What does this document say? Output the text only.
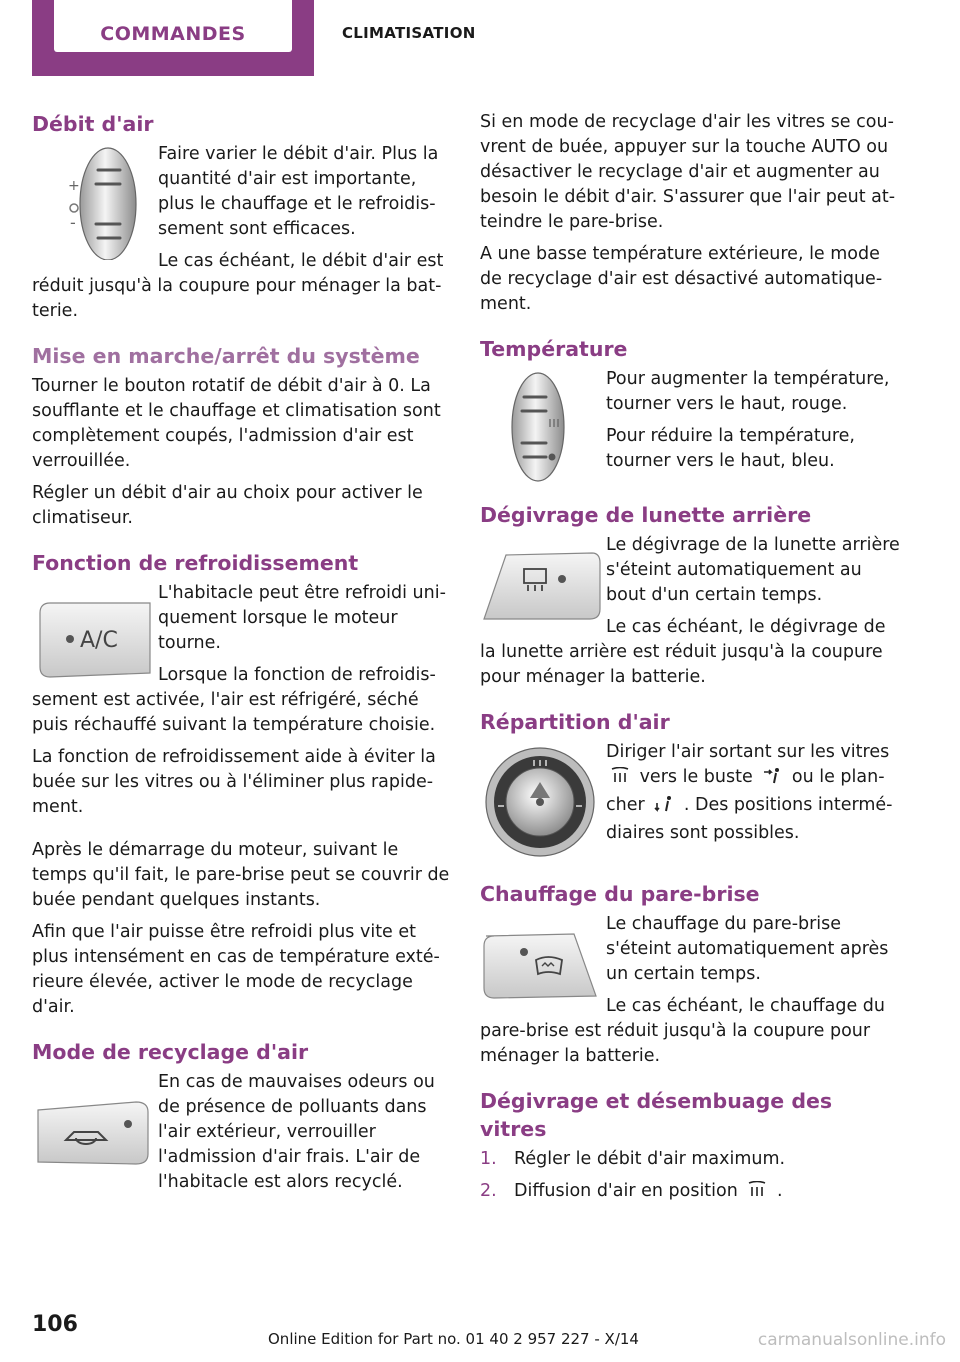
COMMANDES	CLIMATISATION
Débit d'air
+
-

Faire varier le débit d'air. Plus la quantité d'air est importante, plus le chauffage et le refroidissement sont efficaces.

Le cas échéant, le débit d'air est réduit jusqu'à la coupure pour ménager la batterie.

Mise en marche/arrêt du système

Tourner le bouton rotatif de débit d'air à 0. La soufflante et le chauffage et climatisation sont complètement coupés, l'admission d'air est verrouillée.

Régler un débit d'air au choix pour activer le climatiseur.

Fonction de refroidissement
A/C

L'habitacle peut être refroidi uniquement lorsque le moteur tourne.

Lorsque la fonction de refroidissement est activée, l'air est réfrigéré, séché puis réchauffé suivant la température choisie.

La fonction de refroidissement aide à éviter la buée sur les vitres ou à l'éliminer plus rapidement.

Après le démarrage du moteur, suivant le temps qu'il fait, le pare-brise peut se couvrir de buée pendant quelques instants.

Afin que l'air puisse être refroidi plus vite et plus intensément en cas de température extérieure élevée, activer le mode de recyclage d'air.

Mode de recyclage d'air

En cas de mauvaises odeurs ou de présence de polluants dans l'air extérieur, verrouiller l'admission d'air frais. L'air de l'habitacle est alors recyclé.

Si en mode de recyclage d'air les vitres se couvrent de buée, appuyer sur la touche AUTO ou désactiver le recyclage d'air et augmenter au besoin le débit d'air. S'assurer que l'air peut atteindre le pare-brise.

A une basse température extérieure, le mode de recyclage d'air est désactivé automatiquement.

Température

Pour augmenter la température, tourner vers le haut, rouge.

Pour réduire la température, tourner vers le haut, bleu.

Dégivrage de lunette arrière

Le dégivrage de la lunette arrière s'éteint automatiquement au bout d'un certain temps.

Le cas échéant, le dégivrage de la lunette arrière est réduit jusqu'à la coupure pour ménager la batterie.

Répartition d'air

Diriger l'air sortant sur les vitres
vers le buste ou le plancher . Des positions intermédiaires sont possibles.

Chauffage du pare-brise

Le chauffage du pare-brise s'éteint automatiquement après un certain temps.

Le cas échéant, le chauffage du pare-brise est réduit jusqu'à la coupure pour ménager la batterie.

Dégivrage et désembuage des vitres
1. Régler le débit d'air maximum.
2. Diffusion d'air en position .
106
Online Edition for Part no. 01 40 2 957 227 - X/14	carmanualsonline.info
